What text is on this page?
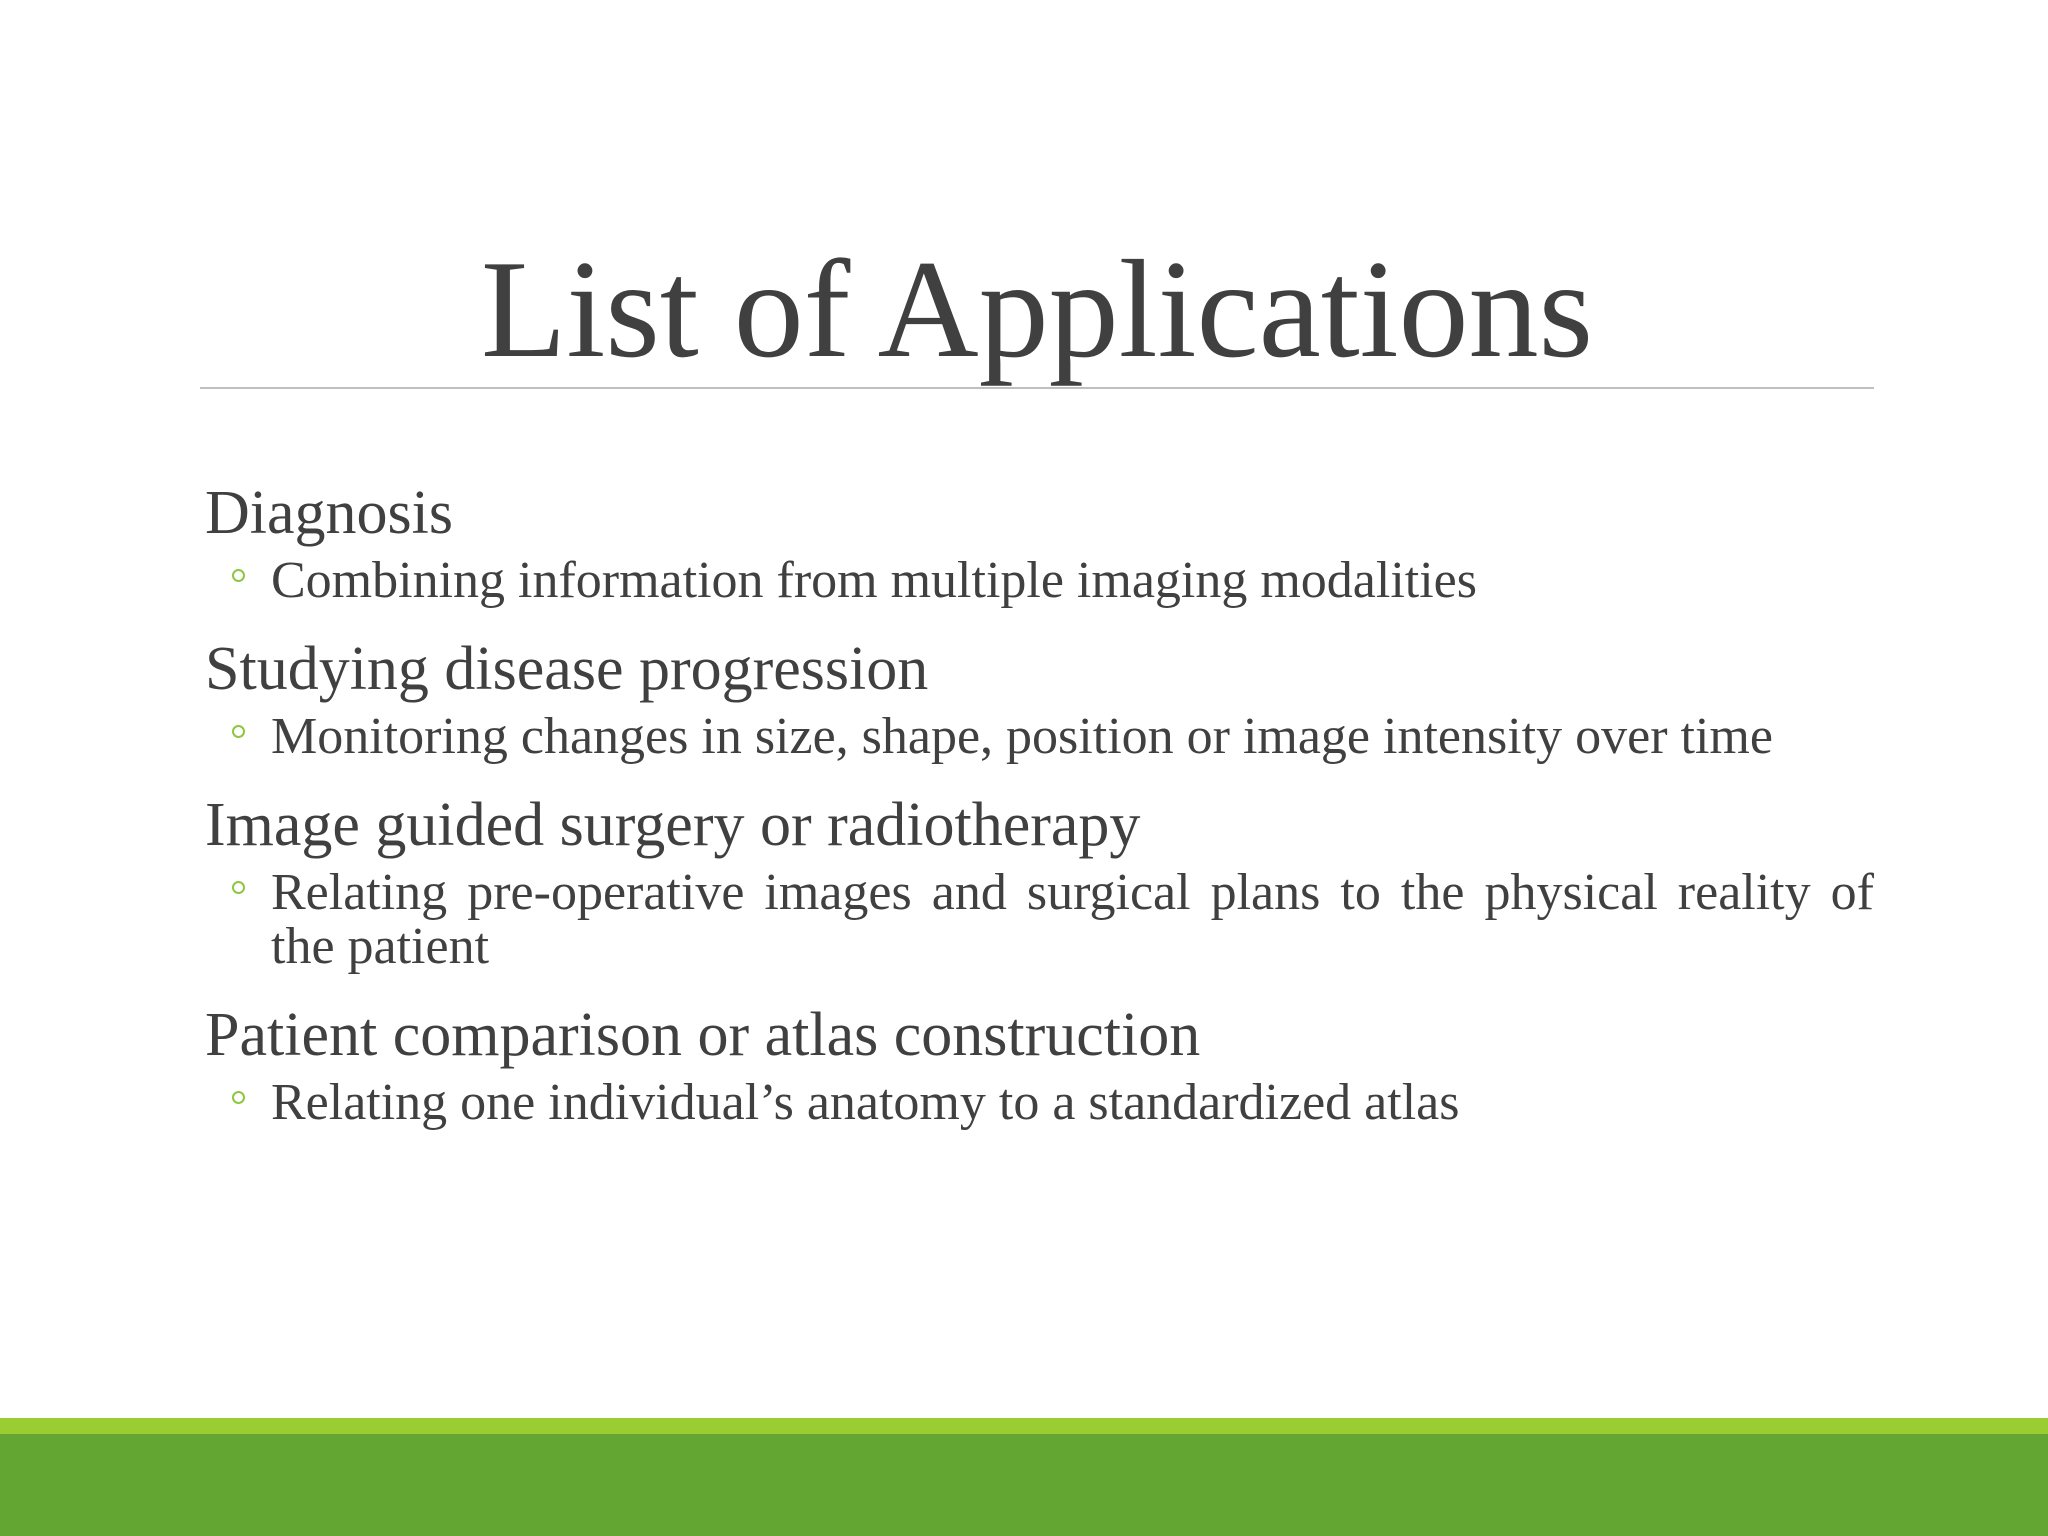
List of Applications
Diagnosis
Combining information from multiple imaging modalities
Studying disease progression
Monitoring changes in size, shape, position or image intensity over time
Image guided surgery or radiotherapy
Relating pre-operative images and surgical plans to the physical reality of the patient
Patient comparison or atlas construction
Relating one individual’s anatomy to a standardized atlas
